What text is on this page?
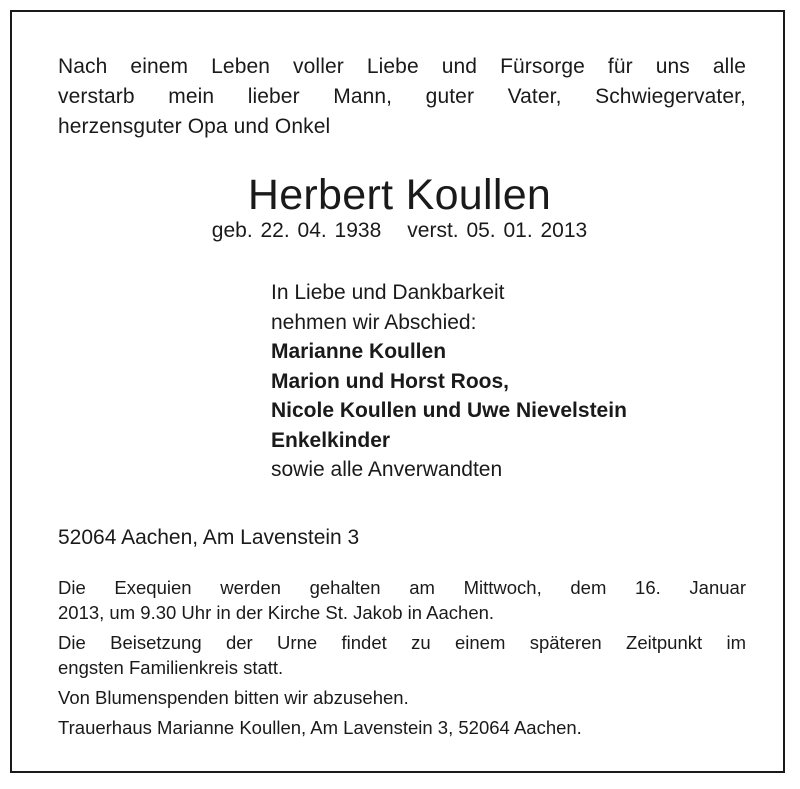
Nach einem Leben voller Liebe und Fürsorge für uns alle
verstarb mein lieber Mann, guter Vater, Schwiegervater,
herzensguter Opa und Onkel
Herbert Koullen
geb. 22. 04. 1938 verst. 05. 01. 2013
In Liebe und Dankbarkeit
nehmen wir Abschied:
Marianne Koullen
Marion und Horst Roos,
Nicole Koullen und Uwe Nievelstein
Enkelkinder
sowie alle Anverwandten
52064 Aachen, Am Lavenstein 3

Die Exequien werden gehalten am Mittwoch, dem 16. Januar
2013, um 9.30 Uhr in der Kirche St. Jakob in Aachen.

Die Beisetzung der Urne findet zu einem späteren Zeitpunkt im
engsten Familienkreis statt.

Von Blumenspenden bitten wir abzusehen.

Trauerhaus Marianne Koullen, Am Lavenstein 3, 52064 Aachen.
